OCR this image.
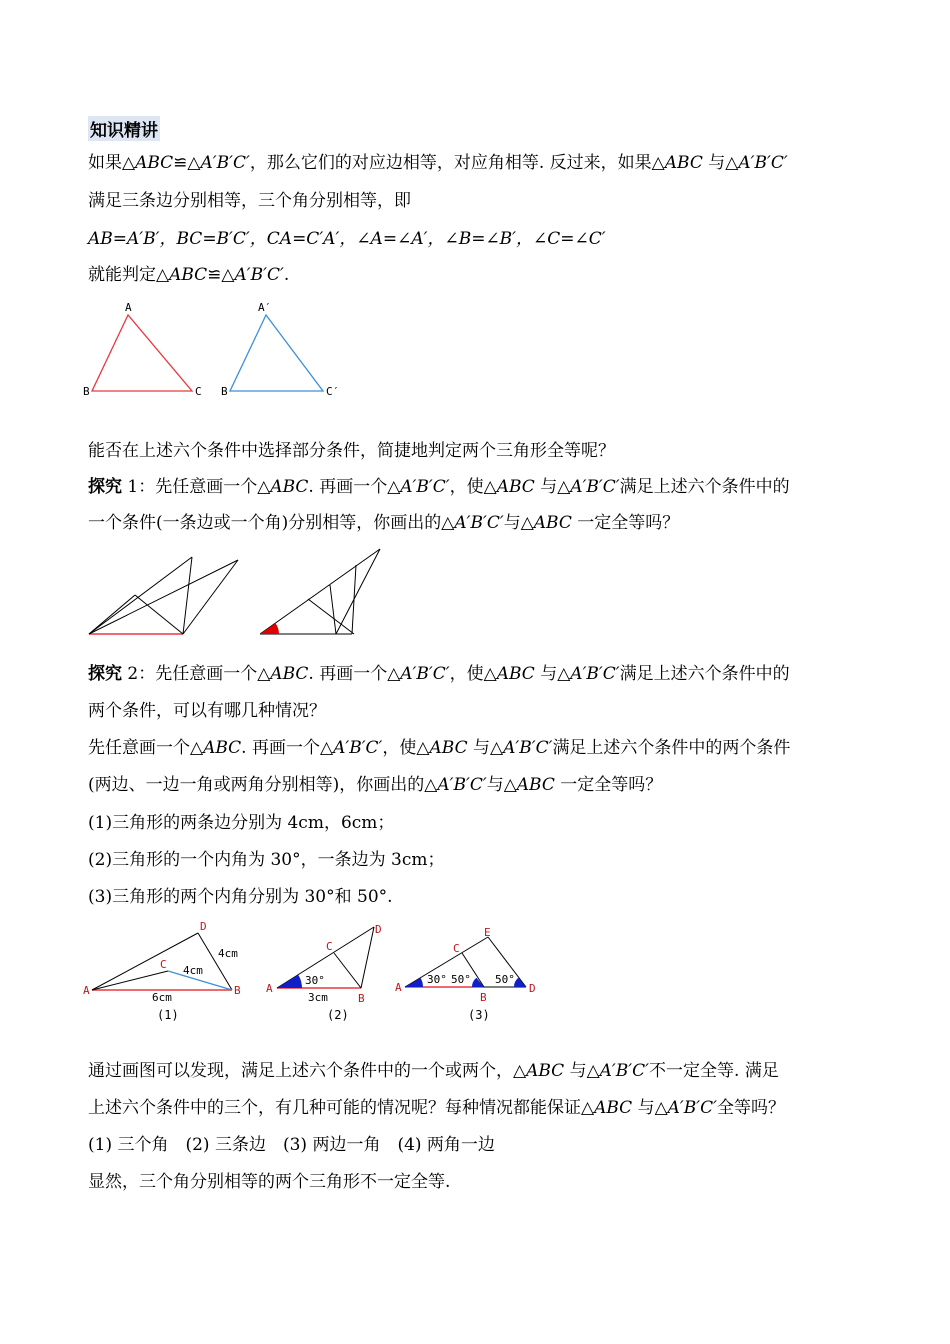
知识精讲
如果△ABC≌△A′B′C′，那么它们的对应边相等，对应角相等. 反过来，如果△ABC 与△A′B′C′
满足三条边分别相等，三个角分别相等，即
AB=A′B′，BC=B′C′，CA=C′A′，∠A=∠A′，∠B=∠B′，∠C=∠C′
就能判定△ABC≌△A′B′C′.
A
B	C
A′
B	C′
能否在上述六个条件中选择部分条件，简捷地判定两个三角形全等呢？
探究 1：先任意画一个△ABC. 再画一个△A′B′C′，使△ABC 与△A′B′C′满足上述六个条件中的
一个条件(一条边或一个角)分别相等，你画出的△A′B′C′与△ABC 一定全等吗？
探究 2：先任意画一个△ABC. 再画一个△A′B′C′，使△ABC 与△A′B′C′满足上述六个条件中的
两个条件，可以有哪几种情况？
先任意画一个△ABC. 再画一个△A′B′C′，使△ABC 与△A′B′C′满足上述六个条件中的两个条件
(两边、一边一角或两角分别相等)，你画出的△A′B′C′与△ABC 一定全等吗？
(1)三角形的两条边分别为 4cm，6cm；
(2)三角形的一个内角为 30°，一条边为 3cm；
(3)三角形的两个内角分别为 30°和 50°.
A	B
C
D
4cm
4cm
6cm
(1)
A
B
C
D
30°
3cm
(2)
A
B
C
D
E
30° 50° 50°
(3)
通过画图可以发现，满足上述六个条件中的一个或两个，△ABC 与△A′B′C′不一定全等. 满足
上述六个条件中的三个，有几种可能的情况呢？每种情况都能保证△ABC 与△A′B′C′全等吗？
(1) 三个角　(2) 三条边　(3) 两边一角　(4) 两角一边
显然，三个角分别相等的两个三角形不一定全等.
